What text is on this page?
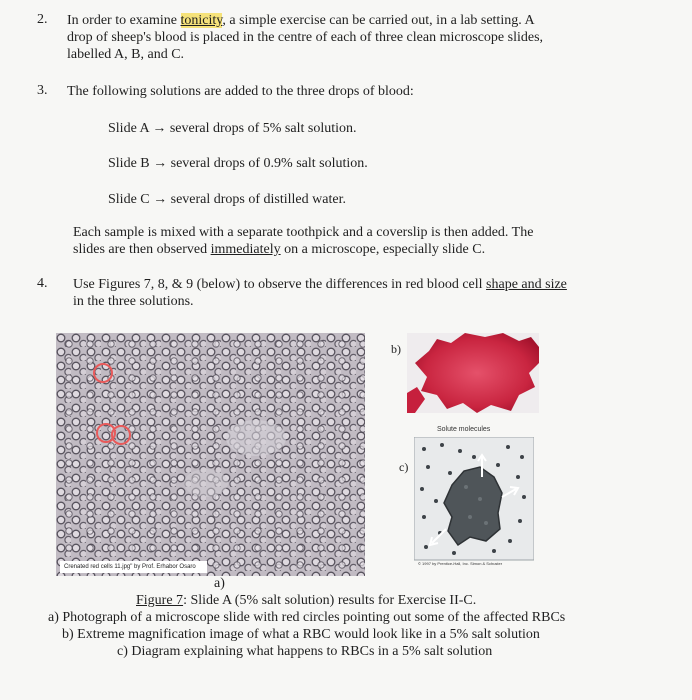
2. In order to examine tonicity, a simple exercise can be carried out, in a lab setting. A
drop of sheep's blood is placed in the centre of each of three clean microscope slides,
labelled A, B, and C.
3. The following solutions are added to the three drops of blood:
Slide A → several drops of 5% salt solution.
Slide B → several drops of 0.9% salt solution.
Slide C → several drops of distilled water.
Each sample is mixed with a separate toothpick and a coverslip is then added. The
slides are then observed immediately on a microscope, especially slide C.
4. Use Figures 7, 8, & 9 (below) to observe the differences in red blood cell shape and size
in the three solutions.
Crenated red cells 11.jpg" by Prof. Erhabor Osaro
b)
Solute molecules
c)
© 1997 by Prentice-Hall, Inc. Simon & Schuster
a)
Figure 7: Slide A (5% salt solution) results for Exercise II-C.
a) Photograph of a microscope slide with red circles pointing out some of the affected RBCs
b) Extreme magnification image of what a RBC would look like in a 5% salt solution
c) Diagram explaining what happens to RBCs in a 5% salt solution
